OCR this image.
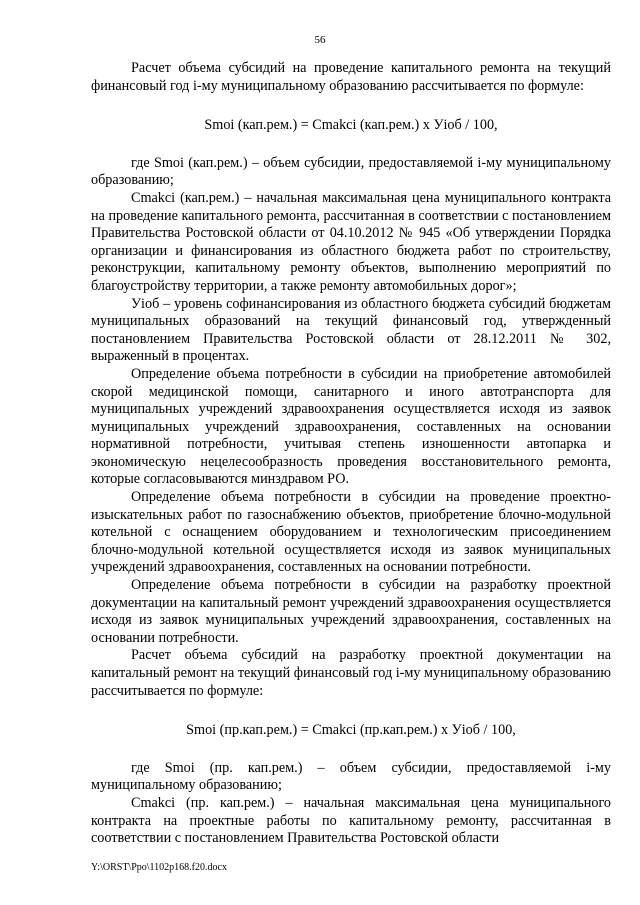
56

Расчет объема субсидий на проведение капитального ремонта на текущий финансовый год i-му муниципальному образованию рассчитывается по формуле:

Smoi (кап.рем.) = Cmakci (кап.рем.) x Уiоб / 100,

где Smoi (кап.рем.) – объем субсидии, предоставляемой i-му муниципальному образованию;

Cmakci (кап.рем.) – начальная максимальная цена муниципального контракта на проведение капитального ремонта, рассчитанная в соответствии с постановлением Правительства Ростовской области от 04.10.2012 № 945 «Об утверждении Порядка организации и финансирования из областного бюджета работ по строительству, реконструкции, капитальному ремонту объектов, выполнению мероприятий по благоустройству территории, а также ремонту автомобильных дорог»;

Уiоб – уровень софинансирования из областного бюджета субсидий бюджетам муниципальных образований на текущий финансовый год, утвержденный постановлением Правительства Ростовской области от 28.12.2011 № 302, выраженный в процентах.

Определение объема потребности в субсидии на приобретение автомобилей скорой медицинской помощи, санитарного и иного автотранспорта для муниципальных учреждений здравоохранения осуществляется исходя из заявок муниципальных учреждений здравоохранения, составленных на основании нормативной потребности, учитывая степень изношенности автопарка и экономическую нецелесообразность проведения восстановительного ремонта, которые согласовываются минздравом РО.

Определение объема потребности в субсидии на проведение проектно-изыскательных работ по газоснабжению объектов, приобретение блочно-модульной котельной с оснащением оборудованием и технологическим присоединением блочно-модульной котельной осуществляется исходя из заявок муниципальных учреждений здравоохранения, составленных на основании потребности.

Определение объема потребности в субсидии на разработку проектной документации на капитальный ремонт учреждений здравоохранения осуществляется исходя из заявок муниципальных учреждений здравоохранения, составленных на основании потребности.

Расчет объема субсидий на разработку проектной документации на капитальный ремонт на текущий финансовый год i-му муниципальному образованию рассчитывается по формуле:

Smoi (пр.кап.рем.) = Cmakci (пр.кап.рем.) x Уiоб / 100,

где Smoi (пр. кап.рем.) – объем субсидии, предоставляемой i-му муниципальному образованию;

Cmakci (пр. кап.рем.) – начальная максимальная цена муниципального контракта на проектные работы по капитальному ремонту, рассчитанная в соответствии с постановлением Правительства Ростовской области

Y:\ORST\Ppo\1102p168.f20.docx
